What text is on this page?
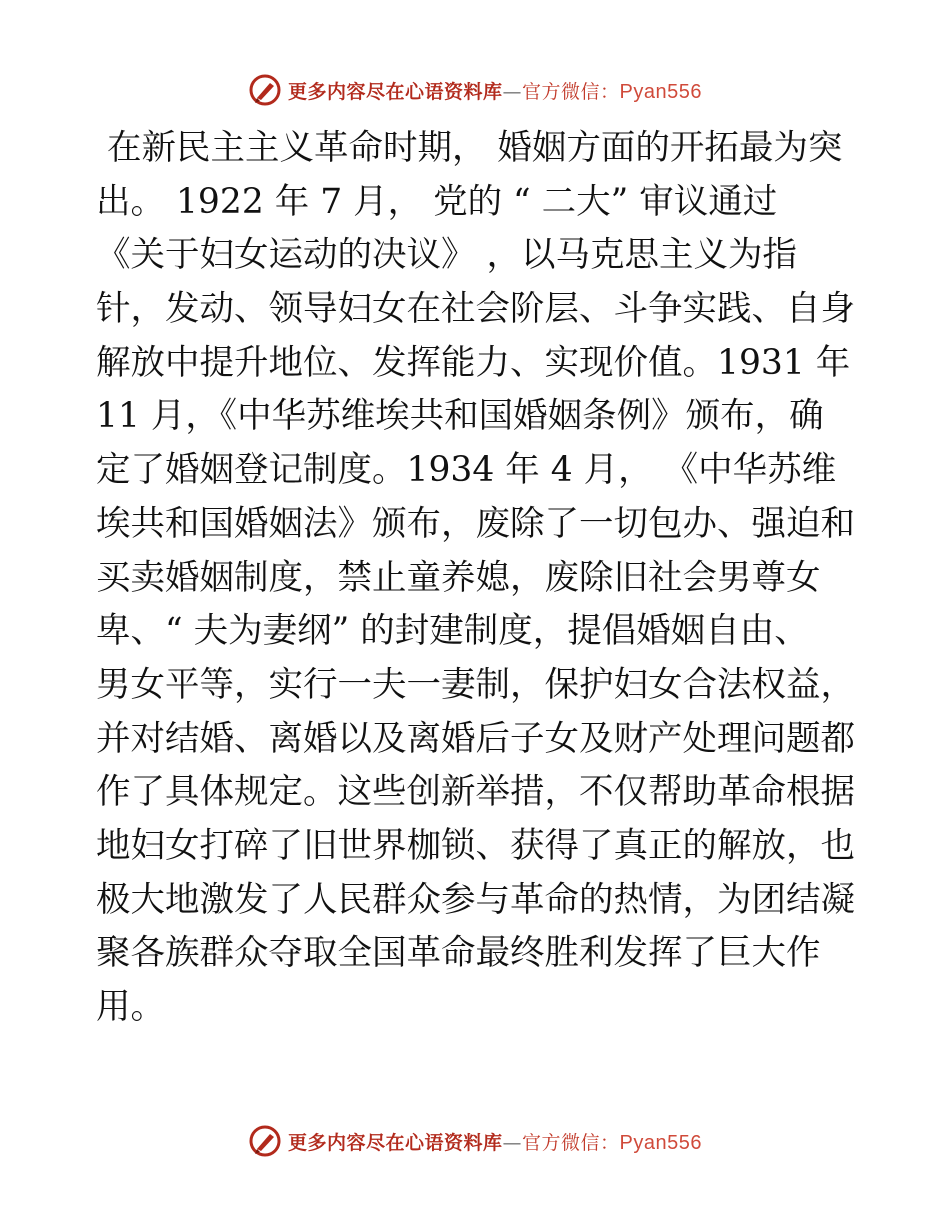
更多内容尽在心语资料库—官方微信：Pyan556
在新民主主义革命时期， 婚姻方面的开拓最为突
出。 1922 年 7 月， 党的 “ 二大” 审议通过
《关于妇女运动的决议》 ，以马克思主义为指
针，发动、领导妇女在社会阶层、斗争实践、自身
解放中提升地位、发挥能力、实现价值。1931 年
11 月，《中华苏维埃共和国婚姻条例》颁布，确
定了婚姻登记制度。1934 年 4 月， 《中华苏维
埃共和国婚姻法》颁布，废除了一切包办、强迫和
买卖婚姻制度，禁止童养媳，废除旧社会男尊女
卑、“ 夫为妻纲” 的封建制度，提倡婚姻自由、
男女平等，实行一夫一妻制，保护妇女合法权益，
并对结婚、离婚以及离婚后子女及财产处理问题都
作了具体规定。这些创新举措，不仅帮助革命根据
地妇女打碎了旧世界枷锁、获得了真正的解放，也
极大地激发了人民群众参与革命的热情，为团结凝
聚各族群众夺取全国革命最终胜利发挥了巨大作
用。
更多内容尽在心语资料库—官方微信：Pyan556
